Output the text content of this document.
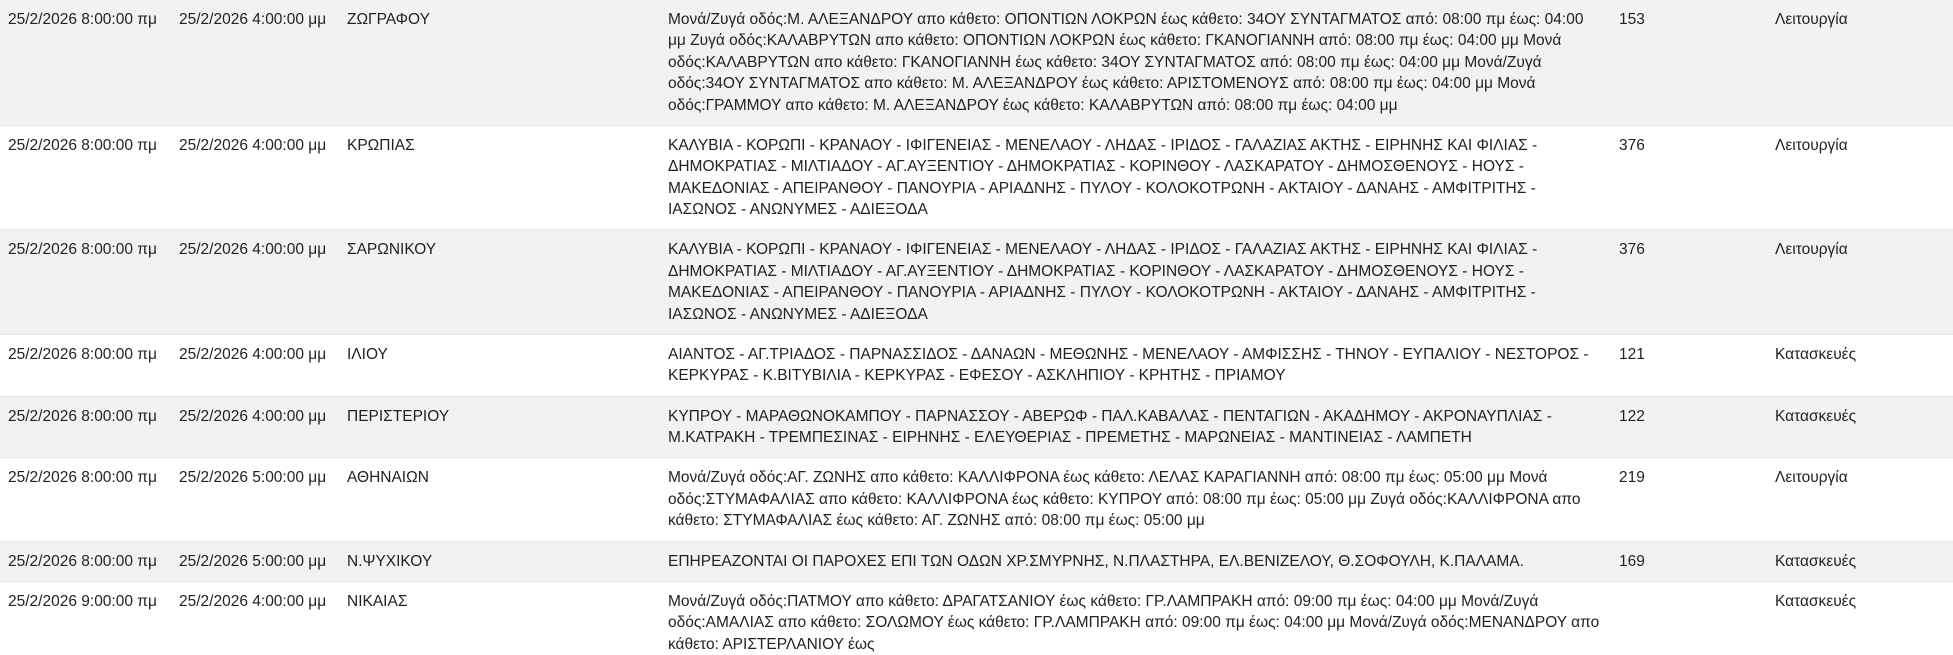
25/2/2026 8:00:00 πμ	25/2/2026 4:00:00 μμ	ΖΩΓΡΑΦΟΥ	Μονά/Ζυγά οδός:Μ. ΑΛΕΞΑΝΔΡΟΥ απο κάθετο: ΟΠΟΝΤΙΩΝ ΛΟΚΡΩΝ έως κάθετο: 34ΟΥ ΣΥΝΤΑΓΜΑΤΟΣ από: 08:00 πμ έως: 04:00 μμ Ζυγά οδός:ΚΑΛΑΒΡΥΤΩΝ απο κάθετο: ΟΠΟΝΤΙΩΝ ΛΟΚΡΩΝ έως κάθετο: ΓΚΑΝΟΓΙΑΝΝΗ από: 08:00 πμ έως: 04:00 μμ Μονά οδός:ΚΑΛΑΒΡΥΤΩΝ απο κάθετο: ΓΚΑΝΟΓΙΑΝΝΗ έως κάθετο: 34ΟΥ ΣΥΝΤΑΓΜΑΤΟΣ από: 08:00 πμ έως: 04:00 μμ Μονά/Ζυγά οδός:34ΟΥ ΣΥΝΤΑΓΜΑΤΟΣ απο κάθετο: Μ. ΑΛΕΞΑΝΔΡΟΥ έως κάθετο: ΑΡΙΣΤΟΜΕΝΟΥΣ από: 08:00 πμ έως: 04:00 μμ Μονά οδός:ΓΡΑΜΜΟΥ απο κάθετο: Μ. ΑΛΕΞΑΝΔΡΟΥ έως κάθετο: ΚΑΛΑΒΡΥΤΩΝ από: 08:00 πμ έως: 04:00 μμ	153	Λειτουργία
25/2/2026 8:00:00 πμ	25/2/2026 4:00:00 μμ	ΚΡΩΠΙΑΣ	ΚΑΛΥΒΙΑ - ΚΟΡΩΠΙ - ΚΡΑΝΑΟΥ - ΙΦΙΓΕΝΕΙΑΣ - ΜΕΝΕΛΑΟΥ - ΛΗΔΑΣ - ΙΡΙΔΟΣ - ΓΑΛΑΖΙΑΣ ΑΚΤΗΣ - ΕΙΡΗΝΗΣ ΚΑΙ ΦΙΛΙΑΣ - ΔΗΜΟΚΡΑΤΙΑΣ - ΜΙΛΤΙΑΔΟΥ - ΑΓ.ΑΥΞΕΝΤΙΟΥ - ΔΗΜΟΚΡΑΤΙΑΣ - ΚΟΡΙΝΘΟΥ - ΛΑΣΚΑΡΑΤΟΥ - ΔΗΜΟΣΘΕΝΟΥΣ - ΗΟΥΣ - ΜΑΚΕΔΟΝΙΑΣ - ΑΠΕΙΡΑΝΘΟΥ - ΠΑΝΟΥΡΙΑ - ΑΡΙΑΔΝΗΣ - ΠΥΛΟΥ - ΚΟΛΟΚΟΤΡΩΝΗ - ΑΚΤΑΙΟΥ - ΔΑΝΑΗΣ - ΑΜΦΙΤΡΙΤΗΣ - ΙΑΣΩΝΟΣ - ΑΝΩΝΥΜΕΣ - ΑΔΙΕΞΟΔΑ	376	Λειτουργία
25/2/2026 8:00:00 πμ	25/2/2026 4:00:00 μμ	ΣΑΡΩΝΙΚΟΥ	ΚΑΛΥΒΙΑ - ΚΟΡΩΠΙ - ΚΡΑΝΑΟΥ - ΙΦΙΓΕΝΕΙΑΣ - ΜΕΝΕΛΑΟΥ - ΛΗΔΑΣ - ΙΡΙΔΟΣ - ΓΑΛΑΖΙΑΣ ΑΚΤΗΣ - ΕΙΡΗΝΗΣ ΚΑΙ ΦΙΛΙΑΣ - ΔΗΜΟΚΡΑΤΙΑΣ - ΜΙΛΤΙΑΔΟΥ - ΑΓ.ΑΥΞΕΝΤΙΟΥ - ΔΗΜΟΚΡΑΤΙΑΣ - ΚΟΡΙΝΘΟΥ - ΛΑΣΚΑΡΑΤΟΥ - ΔΗΜΟΣΘΕΝΟΥΣ - ΗΟΥΣ - ΜΑΚΕΔΟΝΙΑΣ - ΑΠΕΙΡΑΝΘΟΥ - ΠΑΝΟΥΡΙΑ - ΑΡΙΑΔΝΗΣ - ΠΥΛΟΥ - ΚΟΛΟΚΟΤΡΩΝΗ - ΑΚΤΑΙΟΥ - ΔΑΝΑΗΣ - ΑΜΦΙΤΡΙΤΗΣ - ΙΑΣΩΝΟΣ - ΑΝΩΝΥΜΕΣ - ΑΔΙΕΞΟΔΑ	376	Λειτουργία
25/2/2026 8:00:00 πμ	25/2/2026 4:00:00 μμ	ΙΛΙΟΥ	ΑΙΑΝΤΟΣ - ΑΓ.ΤΡΙΑΔΟΣ - ΠΑΡΝΑΣΣΙΔΟΣ - ΔΑΝΑΩΝ - ΜΕΘΩΝΗΣ - ΜΕΝΕΛΑΟΥ - ΑΜΦΙΣΣΗΣ - ΤΗΝΟΥ - ΕΥΠΑΛΙΟΥ - ΝΕΣΤΟΡΟΣ - ΚΕΡΚΥΡΑΣ - Κ.ΒΙΤΥΒΙΛΙΑ - ΚΕΡΚΥΡΑΣ - ΕΦΕΣΟΥ - ΑΣΚΛΗΠΙΟΥ - ΚΡΗΤΗΣ - ΠΡΙΑΜΟΥ	121	Κατασκευές
25/2/2026 8:00:00 πμ	25/2/2026 4:00:00 μμ	ΠΕΡΙΣΤΕΡΙΟΥ	ΚΥΠΡΟΥ - ΜΑΡΑΘΩΝΟΚΑΜΠΟΥ - ΠΑΡΝΑΣΣΟΥ - ΑΒΕΡΩΦ - ΠΑΛ.ΚΑΒΑΛΑΣ - ΠΕΝΤΑΓΙΩΝ - ΑΚΑΔΗΜΟΥ - ΑΚΡΟΝΑΥΠΛΙΑΣ - Μ.ΚΑΤΡΑΚΗ - ΤΡΕΜΠΕΣΙΝΑΣ - ΕΙΡΗΝΗΣ - ΕΛΕΥΘΕΡΙΑΣ - ΠΡΕΜΕΤΗΣ - ΜΑΡΩΝΕΙΑΣ - ΜΑΝΤΙΝΕΙΑΣ - ΛΑΜΠΕΤΗ	122	Κατασκευές
25/2/2026 8:00:00 πμ	25/2/2026 5:00:00 μμ	ΑΘΗΝΑΙΩΝ	Μονά/Ζυγά οδός:ΑΓ. ΖΩΝΗΣ απο κάθετο: ΚΑΛΛΙΦΡΟΝΑ έως κάθετο: ΛΕΛΑΣ ΚΑΡΑΓΙΑΝΝΗ από: 08:00 πμ έως: 05:00 μμ Μονά οδός:ΣΤΥΜΑΦΑΛΙΑΣ απο κάθετο: ΚΑΛΛΙΦΡΟΝΑ έως κάθετο: ΚΥΠΡΟΥ από: 08:00 πμ έως: 05:00 μμ Ζυγά οδός:ΚΑΛΛΙΦΡΟΝΑ απο κάθετο: ΣΤΥΜΑΦΑΛΙΑΣ έως κάθετο: ΑΓ. ΖΩΝΗΣ από: 08:00 πμ έως: 05:00 μμ	219	Λειτουργία
25/2/2026 8:00:00 πμ	25/2/2026 5:00:00 μμ	Ν.ΨΥΧΙΚΟΥ	ΕΠΗΡΕΑΖΟΝΤΑΙ ΟΙ ΠΑΡΟΧΕΣ ΕΠΙ ΤΩΝ ΟΔΩΝ ΧΡ.ΣΜΥΡΝΗΣ, Ν.ΠΛΑΣΤΗΡΑ, ΕΛ.ΒΕΝΙΖΕΛΟΥ, Θ.ΣΟΦΟΥΛΗ, Κ.ΠΑΛΑΜΑ.	169	Κατασκευές
25/2/2026 9:00:00 πμ	25/2/2026 4:00:00 μμ	ΝΙΚΑΙΑΣ	Μονά/Ζυγά οδός:ΠΑΤΜΟΥ απο κάθετο: ΔΡΑΓΑΤΣΑΝΙΟΥ έως κάθετο: ΓΡ.ΛΑΜΠΡΑΚΗ από: 09:00 πμ έως: 04:00 μμ Μονά/Ζυγά οδός:ΑΜΑΛΙΑΣ απο κάθετο: ΣΟΛΩΜΟΥ έως κάθετο: ΓΡ.ΛΑΜΠΡΑΚΗ από: 09:00 πμ έως: 04:00 μμ Μονά/Ζυγά οδός:ΜΕΝΑΝΔΡΟΥ απο κάθετο: ΑΡΙΣΤΕΡΛΑΝΙΟΥ έως		Κατασκευές
